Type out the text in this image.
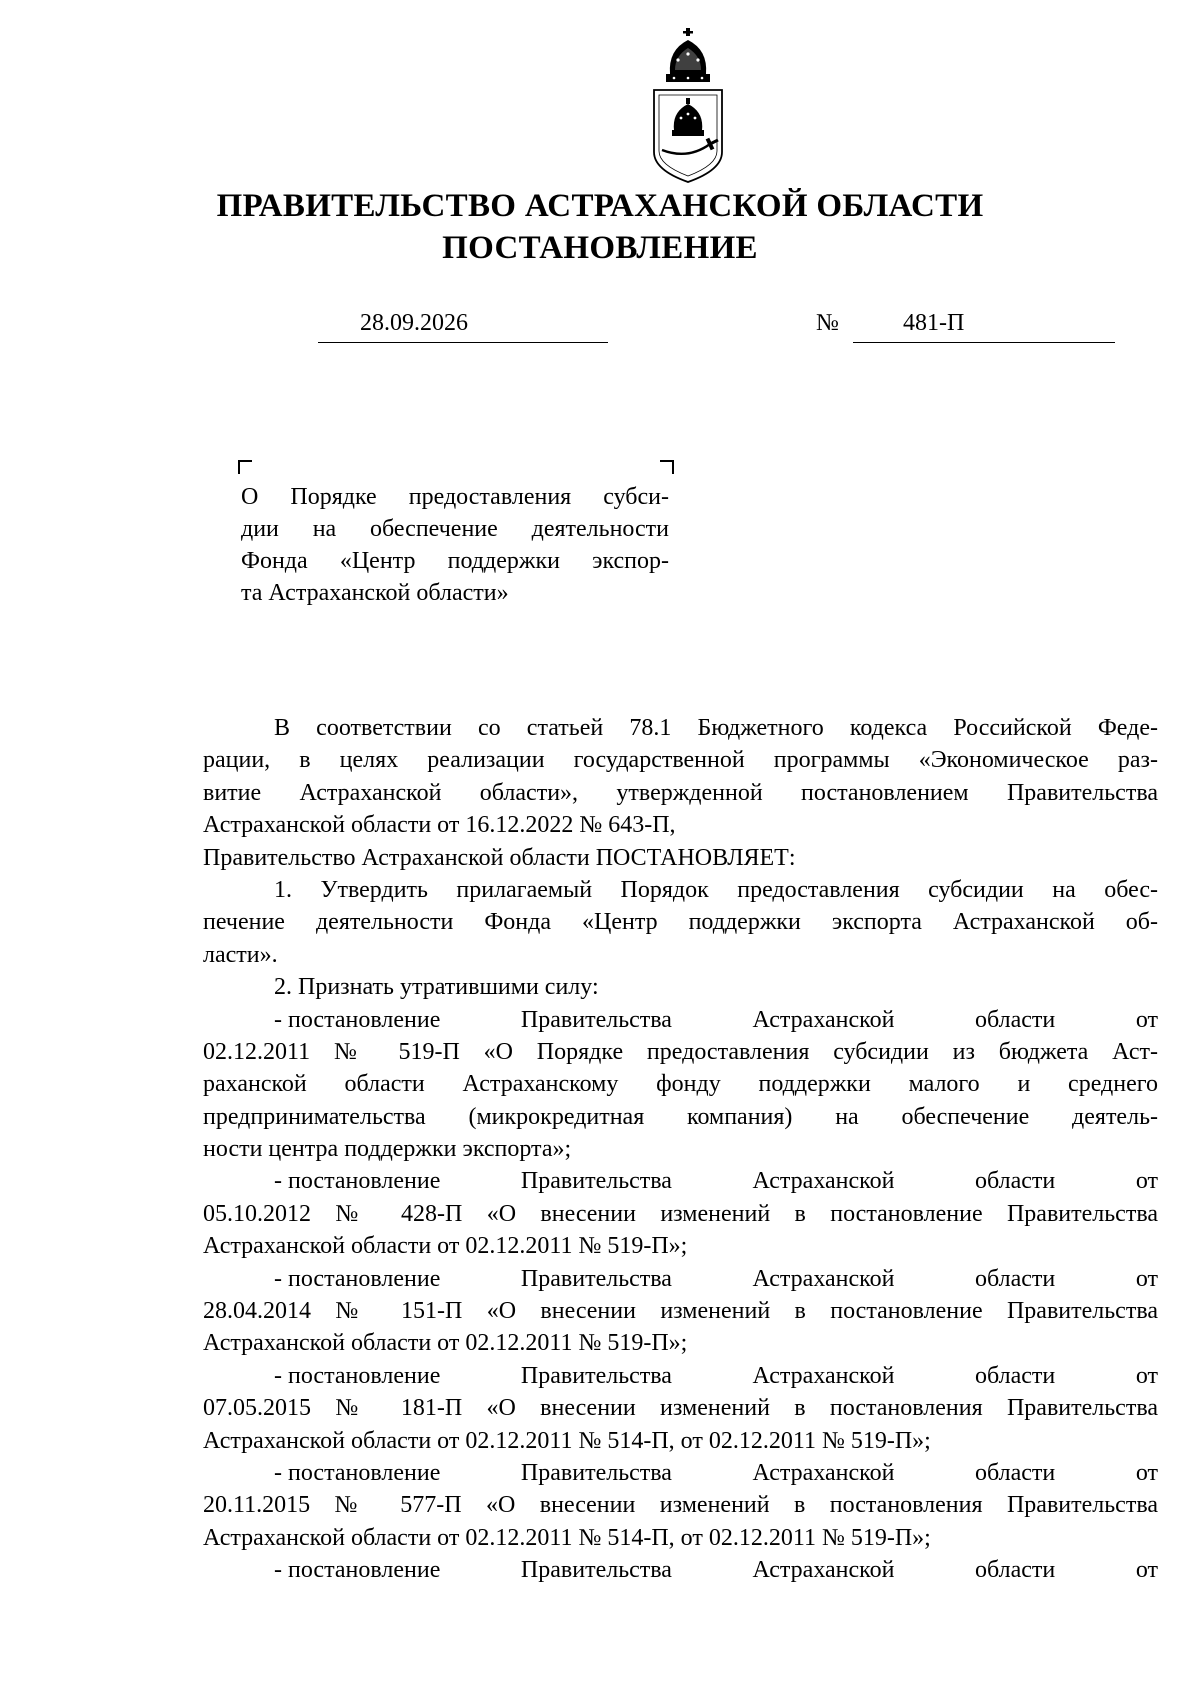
ПРАВИТЕЛЬСТВО АСТРАХАНСКОЙ ОБЛАСТИ
ПОСТАНОВЛЕНИЕ
28.09.2026	№	481-П
О Порядке предоставления субси-
дии на обеспечение деятельности
Фонда «Центр поддержки экспор-
та Астраханской области»
В соответствии со статьей 78.1 Бюджетного кодекса Российской Феде-
рации, в целях реализации государственной программы «Экономическое раз-
витие Астраханской области», утвержденной постановлением Правительства
Астраханской области от 16.12.2022 № 643-П,
Правительство Астраханской области ПОСТАНОВЛЯЕТ:
1. Утвердить прилагаемый Порядок предоставления субсидии на обес-
печение деятельности Фонда «Центр поддержки экспорта Астраханской об-
ласти».
2. Признать утратившими силу:
- постановление	Правительства	Астраханской	области	от
02.12.2011 № 519-П «О Порядке предоставления субсидии из бюджета Аст-
раханской области Астраханскому фонду поддержки малого и среднего
предпринимательства (микрокредитная компания) на обеспечение деятель-
ности центра поддержки экспорта»;
- постановление	Правительства	Астраханской	области	от
05.10.2012 № 428-П «О внесении изменений в постановление Правительства
Астраханской области от 02.12.2011 № 519-П»;
- постановление	Правительства	Астраханской	области	от
28.04.2014 № 151-П «О внесении изменений в постановление Правительства
Астраханской области от 02.12.2011 № 519-П»;
- постановление	Правительства	Астраханской	области	от
07.05.2015 № 181-П «О внесении изменений в постановления Правительства
Астраханской области от 02.12.2011 № 514-П, от 02.12.2011 № 519-П»;
- постановление	Правительства	Астраханской	области	от
20.11.2015 № 577-П «О внесении изменений в постановления Правительства
Астраханской области от 02.12.2011 № 514-П, от 02.12.2011 № 519-П»;
- постановление	Правительства	Астраханской	области	от
